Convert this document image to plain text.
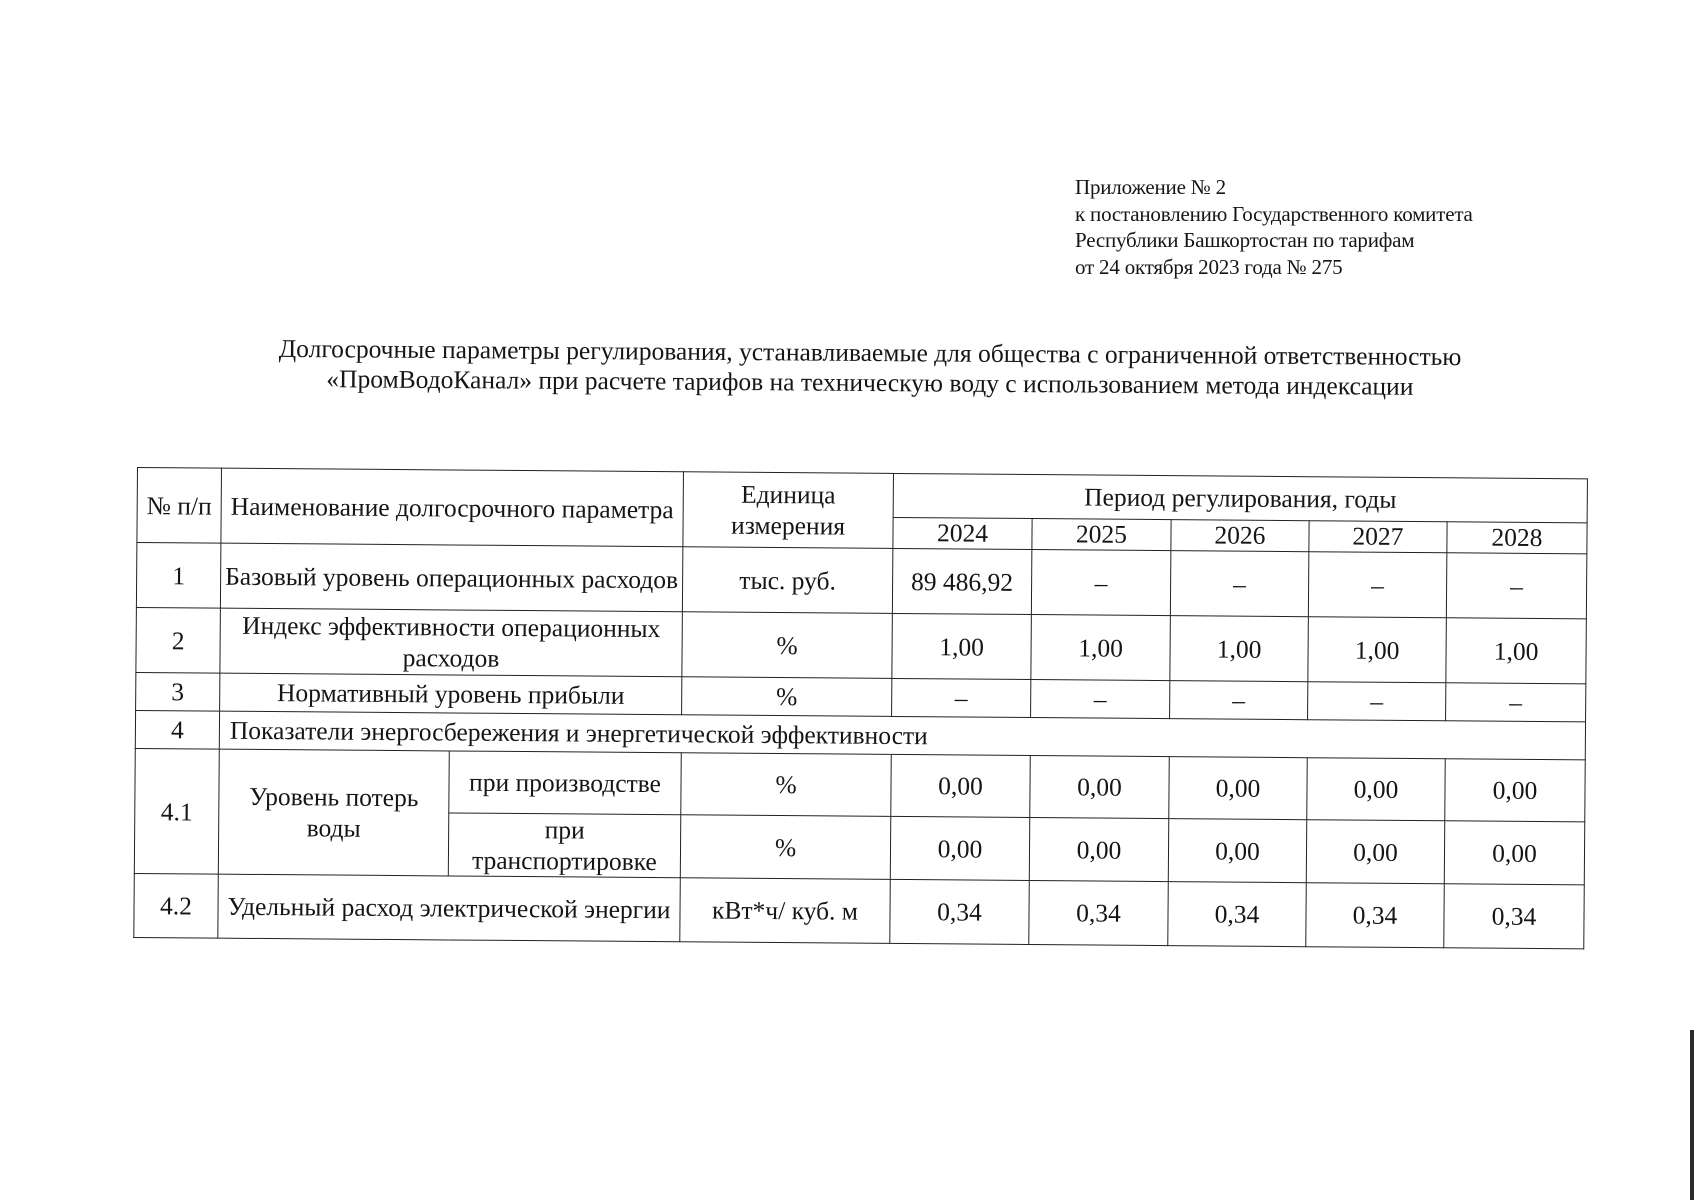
Приложение № 2
к постановлению Государственного комитета
Республики Башкортостан по тарифам
от 24 октября 2023 года № 275
Долгосрочные параметры регулирования, устанавливаемые для общества с ограниченной ответственностью
«ПромВодоКанал» при расчете тарифов на техническую воду с использованием метода индексации
№ п/п	Наименование долгосрочного параметра		Единица измерения	Период регулирования, годы				
				2024	2025	2026	2027	2028
1	Базовый уровень операционных расходов		тыс. руб.	89 486,92	–	–	–	–
2	Индекс эффективности операционных расходов		%	1,00	1,00	1,00	1,00	1,00
3	Нормативный уровень прибыли		%	–	–	–	–	–
4	Показатели энергосбережения и энергетической эффективности							
4.1	Уровень потерь воды	при производстве	%	0,00	0,00	0,00	0,00	0,00
		при транспортировке	%	0,00	0,00	0,00	0,00	0,00
4.2	Удельный расход электрической энергии		кВт*ч/ куб. м	0,34	0,34	0,34	0,34	0,34
